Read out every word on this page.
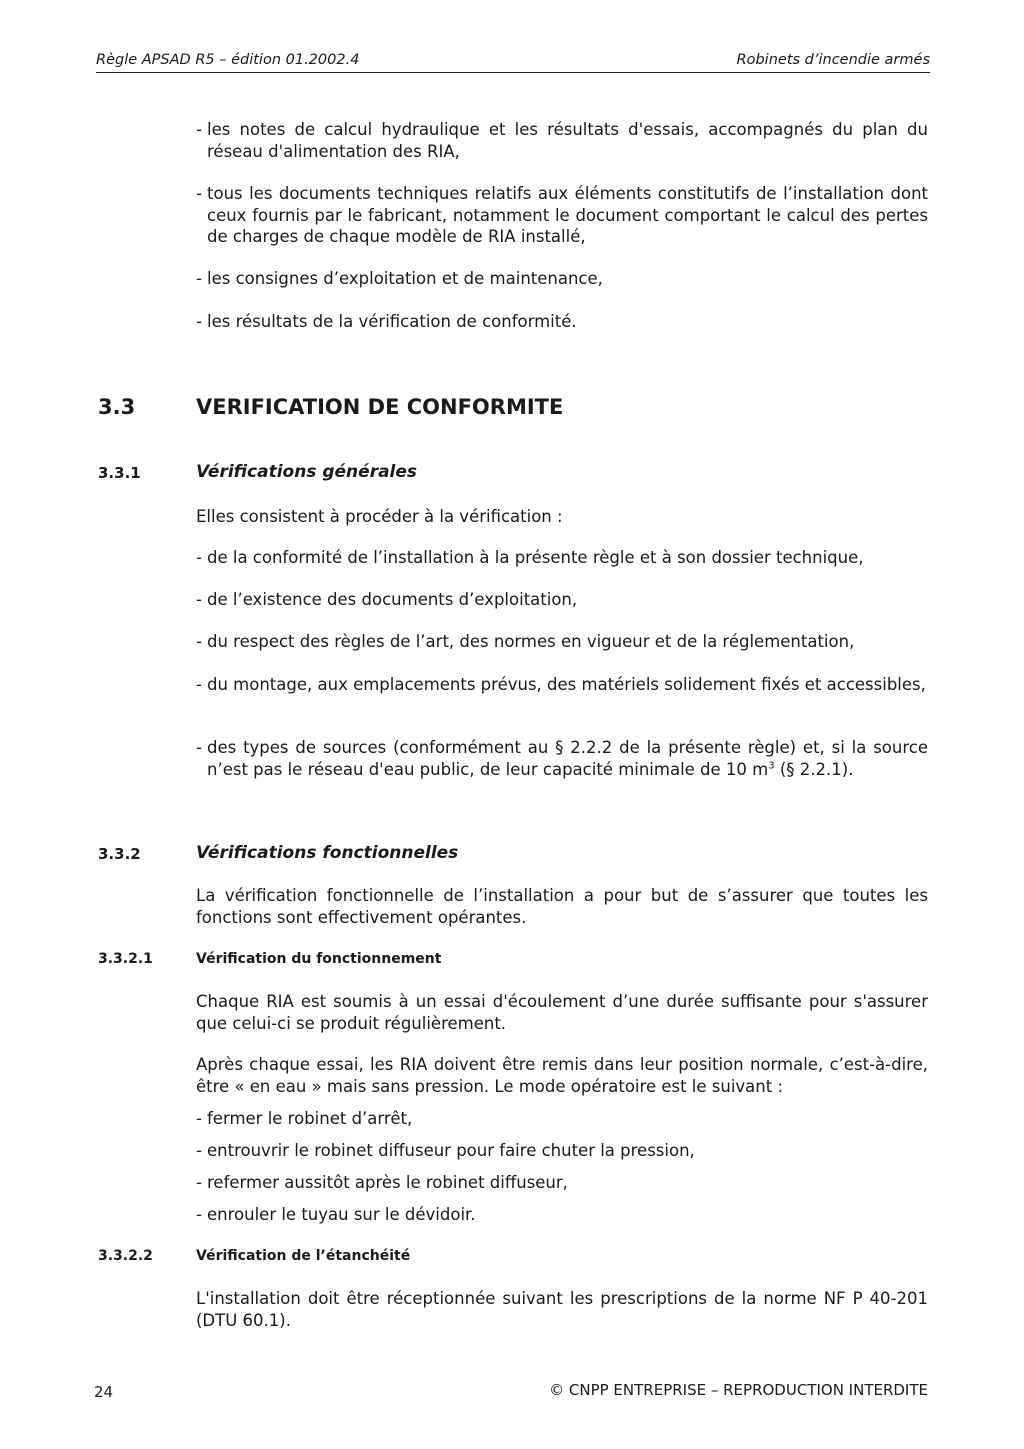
Règle APSAD R5 – édition 01.2002.4	Robinets d’incendie armés
- les notes de calcul hydraulique et les résultats d'essais, accompagnés du plan du réseau d'alimentation des RIA,
- tous les documents techniques relatifs aux éléments constitutifs de l’installation dont ceux fournis par le fabricant, notamment le document comportant le calcul des pertes de charges de chaque modèle de RIA installé,
- les consignes d’exploitation et de maintenance,
- les résultats de la vérification de conformité.
3.3	VERIFICATION DE CONFORMITE
3.3.1	Vérifications générales
Elles consistent à procéder à la vérification :
- de la conformité de l’installation à la présente règle et à son dossier technique,
- de l’existence des documents d’exploitation,
- du respect des règles de l’art, des normes en vigueur et de la réglementation,
- du montage, aux emplacements prévus, des matériels solidement fixés et accessibles,
- des types de sources (conformément au § 2.2.2 de la présente règle) et, si la source n’est pas le réseau d'eau public, de leur capacité minimale de 10 $m^3$ (§ 2.2.1).
3.3.2	Vérifications fonctionnelles
La vérification fonctionnelle de l’installation a pour but de s’assurer que toutes les fonctions sont effectivement opérantes.
3.3.2.1	Vérification du fonctionnement
Chaque RIA est soumis à un essai d'écoulement d’une durée suffisante pour s'assurer que celui-ci se produit régulièrement.
Après chaque essai, les RIA doivent être remis dans leur position normale, c’est-à-dire, être « en eau » mais sans pression. Le mode opératoire est le suivant :
- fermer le robinet d’arrêt,
- entrouvrir le robinet diffuseur pour faire chuter la pression,
- refermer aussitôt après le robinet diffuseur,
- enrouler le tuyau sur le dévidoir.
3.3.2.2	Vérification de l’étanchéité
L'installation doit être réceptionnée suivant les prescriptions de la norme NF P 40-201 (DTU 60.1).
24	© CNPP ENTREPRISE – REPRODUCTION INTERDITE
